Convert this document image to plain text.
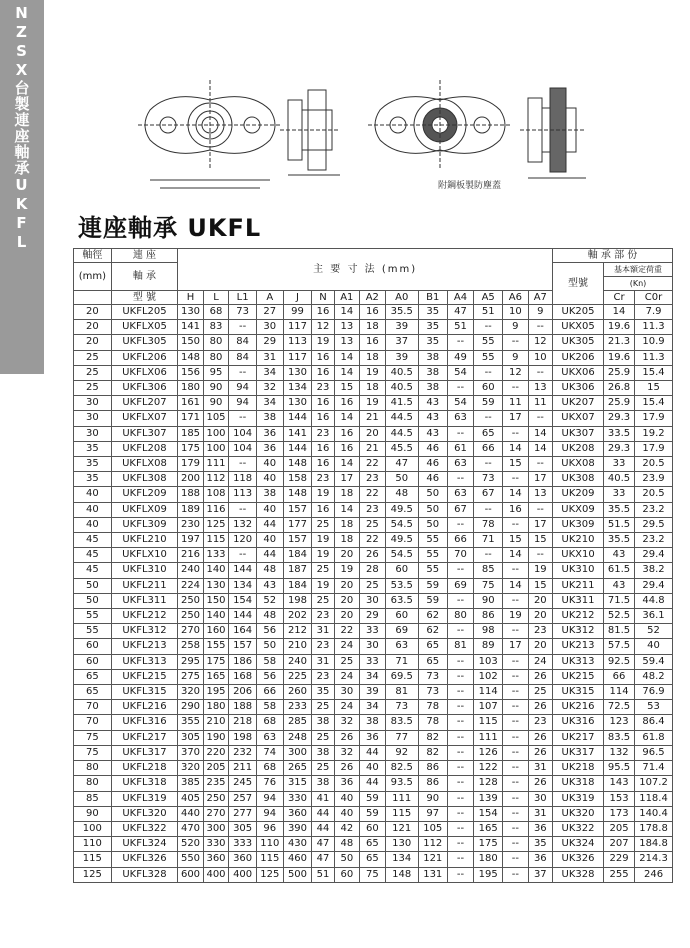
NZSX台製連座軸承UKFL	附鋼板製防塵蓋
連座軸承 UKFL
軸徑	連 座	主 要 寸 法 (mm)														軸 承 部 份		
(mm)	軸 承															型號	基本額定荷重	
																	(Kn)	
	型 號	H	L	L1	A	J	N	A1	A2	A0	B1	A4	A5	A6	A7		Cr	C0r
20	UKFL205	130	68	73	27	99	16	14	16	35.5	35	47	51	10	9	UK205	14	7.9
20	UKFLX05	141	83	--	30	117	12	13	18	39	35	51	--	9	--	UKX05	19.6	11.3
20	UKFL305	150	80	84	29	113	19	13	16	37	35	--	55	--	12	UK305	21.3	10.9
25	UKFL206	148	80	84	31	117	16	14	18	39	38	49	55	9	10	UK206	19.6	11.3
25	UKFLX06	156	95	--	34	130	16	14	19	40.5	38	54	--	12	--	UKX06	25.9	15.4
25	UKFL306	180	90	94	32	134	23	15	18	40.5	38	--	60	--	13	UK306	26.8	15
30	UKFL207	161	90	94	34	130	16	16	19	41.5	43	54	59	11	11	UK207	25.9	15.4
30	UKFLX07	171	105	--	38	144	16	14	21	44.5	43	63	--	17	--	UKX07	29.3	17.9
30	UKFL307	185	100	104	36	141	23	16	20	44.5	43	--	65	--	14	UK307	33.5	19.2
35	UKFL208	175	100	104	36	144	16	16	21	45.5	46	61	66	14	14	UK208	29.3	17.9
35	UKFLX08	179	111	--	40	148	16	14	22	47	46	63	--	15	--	UKX08	33	20.5
35	UKFL308	200	112	118	40	158	23	17	23	50	46	--	73	--	17	UK308	40.5	23.9
40	UKFL209	188	108	113	38	148	19	18	22	48	50	63	67	14	13	UK209	33	20.5
40	UKFLX09	189	116	--	40	157	16	14	23	49.5	50	67	--	16	--	UKX09	35.5	23.2
40	UKFL309	230	125	132	44	177	25	18	25	54.5	50	--	78	--	17	UK309	51.5	29.5
45	UKFL210	197	115	120	40	157	19	18	22	49.5	55	66	71	15	15	UK210	35.5	23.2
45	UKFLX10	216	133	--	44	184	19	20	26	54.5	55	70	--	14	--	UKX10	43	29.4
45	UKFL310	240	140	144	48	187	25	19	28	60	55	--	85	--	19	UK310	61.5	38.2
50	UKFL211	224	130	134	43	184	19	20	25	53.5	59	69	75	14	15	UK211	43	29.4
50	UKFL311	250	150	154	52	198	25	20	30	63.5	59	--	90	--	20	UK311	71.5	44.8
55	UKFL212	250	140	144	48	202	23	20	29	60	62	80	86	19	20	UK212	52.5	36.1
55	UKFL312	270	160	164	56	212	31	22	33	69	62	--	98	--	23	UK312	81.5	52
60	UKFL213	258	155	157	50	210	23	24	30	63	65	81	89	17	20	UK213	57.5	40
60	UKFL313	295	175	186	58	240	31	25	33	71	65	--	103	--	24	UK313	92.5	59.4
65	UKFL215	275	165	168	56	225	23	24	34	69.5	73	--	102	--	26	UK215	66	48.2
65	UKFL315	320	195	206	66	260	35	30	39	81	73	--	114	--	25	UK315	114	76.9
70	UKFL216	290	180	188	58	233	25	24	34	73	78	--	107	--	26	UK216	72.5	53
70	UKFL316	355	210	218	68	285	38	32	38	83.5	78	--	115	--	23	UK316	123	86.4
75	UKFL217	305	190	198	63	248	25	26	36	77	82	--	111	--	26	UK217	83.5	61.8
75	UKFL317	370	220	232	74	300	38	32	44	92	82	--	126	--	26	UK317	132	96.5
80	UKFL218	320	205	211	68	265	25	26	40	82.5	86	--	122	--	31	UK218	95.5	71.4
80	UKFL318	385	235	245	76	315	38	36	44	93.5	86	--	128	--	26	UK318	143	107.2
85	UKFL319	405	250	257	94	330	41	40	59	111	90	--	139	--	30	UK319	153	118.4
90	UKFL320	440	270	277	94	360	44	40	59	115	97	--	154	--	31	UK320	173	140.4
100	UKFL322	470	300	305	96	390	44	42	60	121	105	--	165	--	36	UK322	205	178.8
110	UKFL324	520	330	333	110	430	47	48	65	130	112	--	175	--	35	UK324	207	184.8
115	UKFL326	550	360	360	115	460	47	50	65	134	121	--	180	--	36	UK326	229	214.3
125	UKFL328	600	400	400	125	500	51	60	75	148	131	--	195	--	37	UK328	255	246
